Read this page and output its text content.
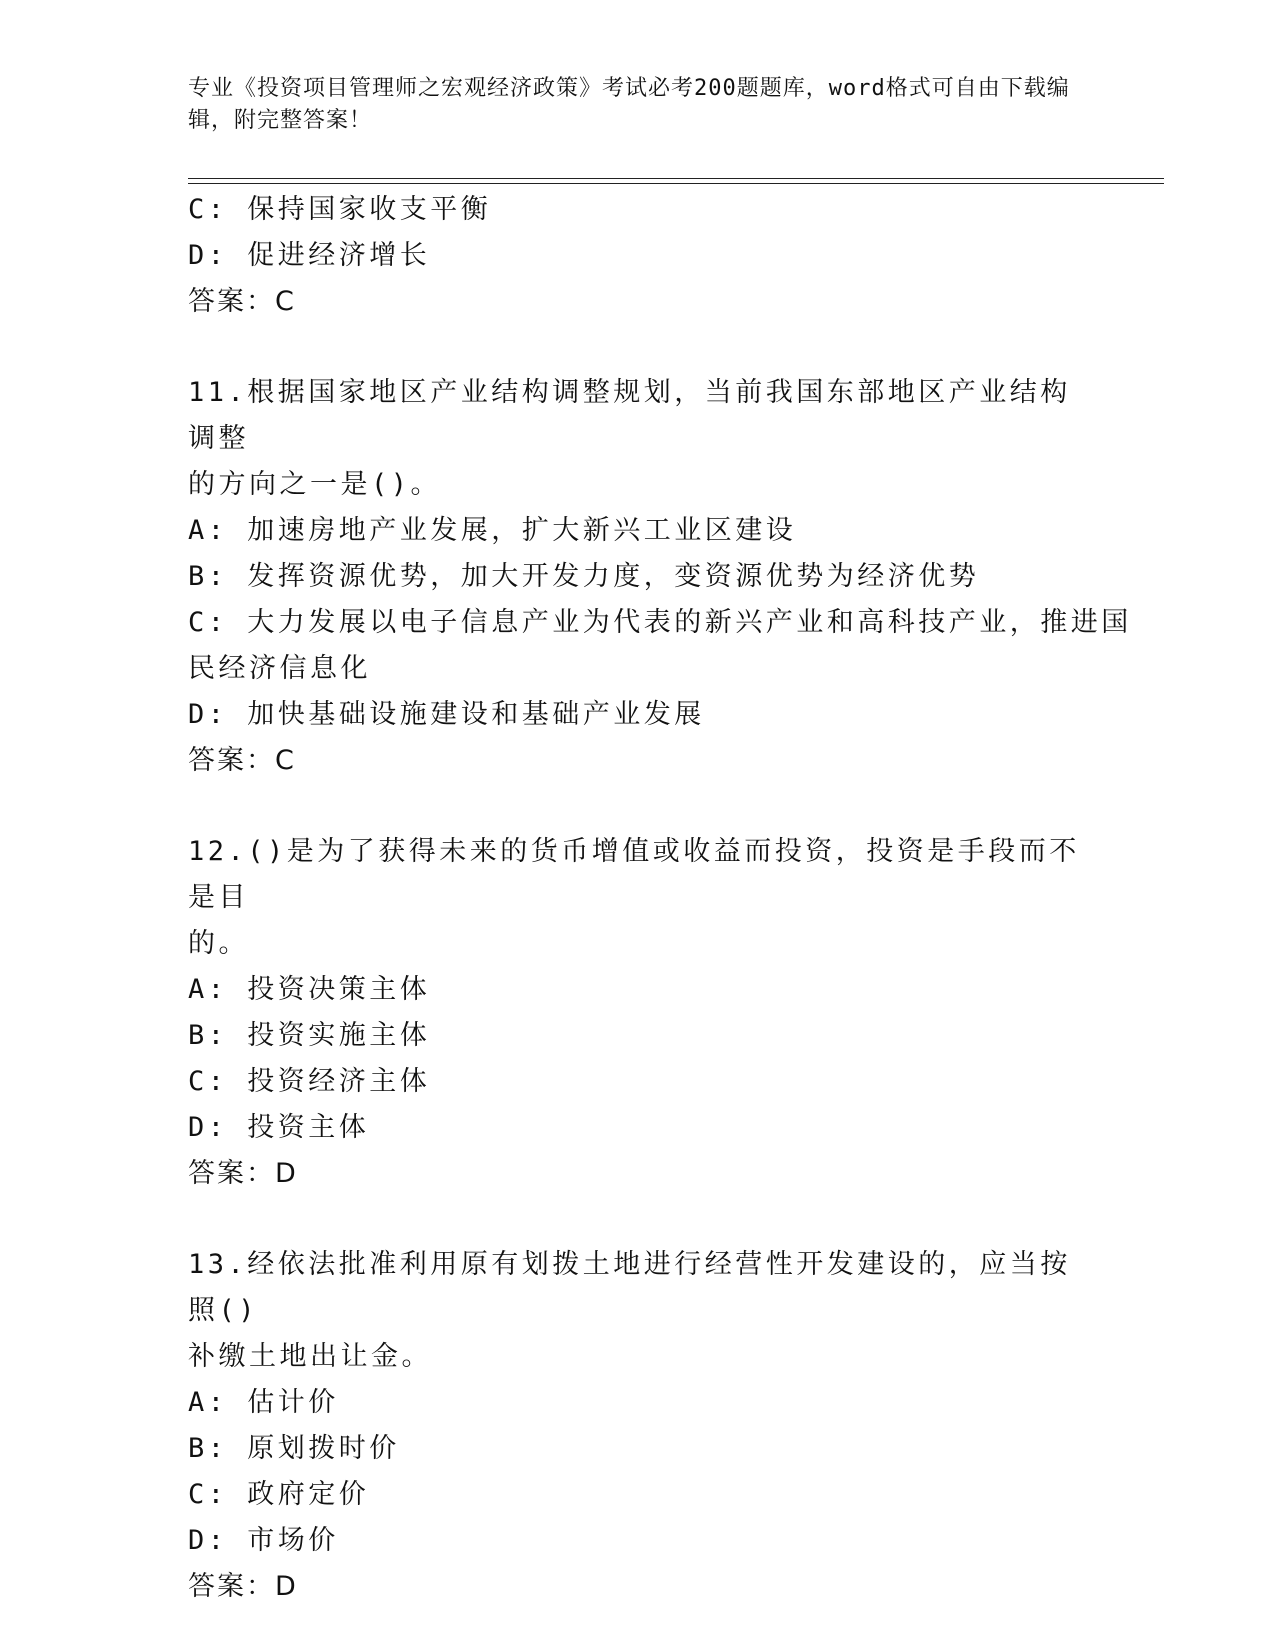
专业《投资项目管理师之宏观经济政策》考试必考200题题库，word格式可自由下载编辑，附完整答案！
C: 保持国家收支平衡
D: 促进经济增长
答案：C
11.根据国家地区产业结构调整规划，当前我国东部地区产业结构调整
的方向之一是()。
A: 加速房地产业发展，扩大新兴工业区建设
B: 发挥资源优势，加大开发力度，变资源优势为经济优势
C: 大力发展以电子信息产业为代表的新兴产业和高科技产业，推进国
民经济信息化
D: 加快基础设施建设和基础产业发展
答案：C
12.()是为了获得未来的货币增值或收益而投资，投资是手段而不是目
的。
A: 投资决策主体
B: 投资实施主体
C: 投资经济主体
D: 投资主体
答案：D
13.经依法批准利用原有划拨土地进行经营性开发建设的，应当按照()
补缴土地出让金。
A: 估计价
B: 原划拨时价
C: 政府定价
D: 市场价
答案：D
